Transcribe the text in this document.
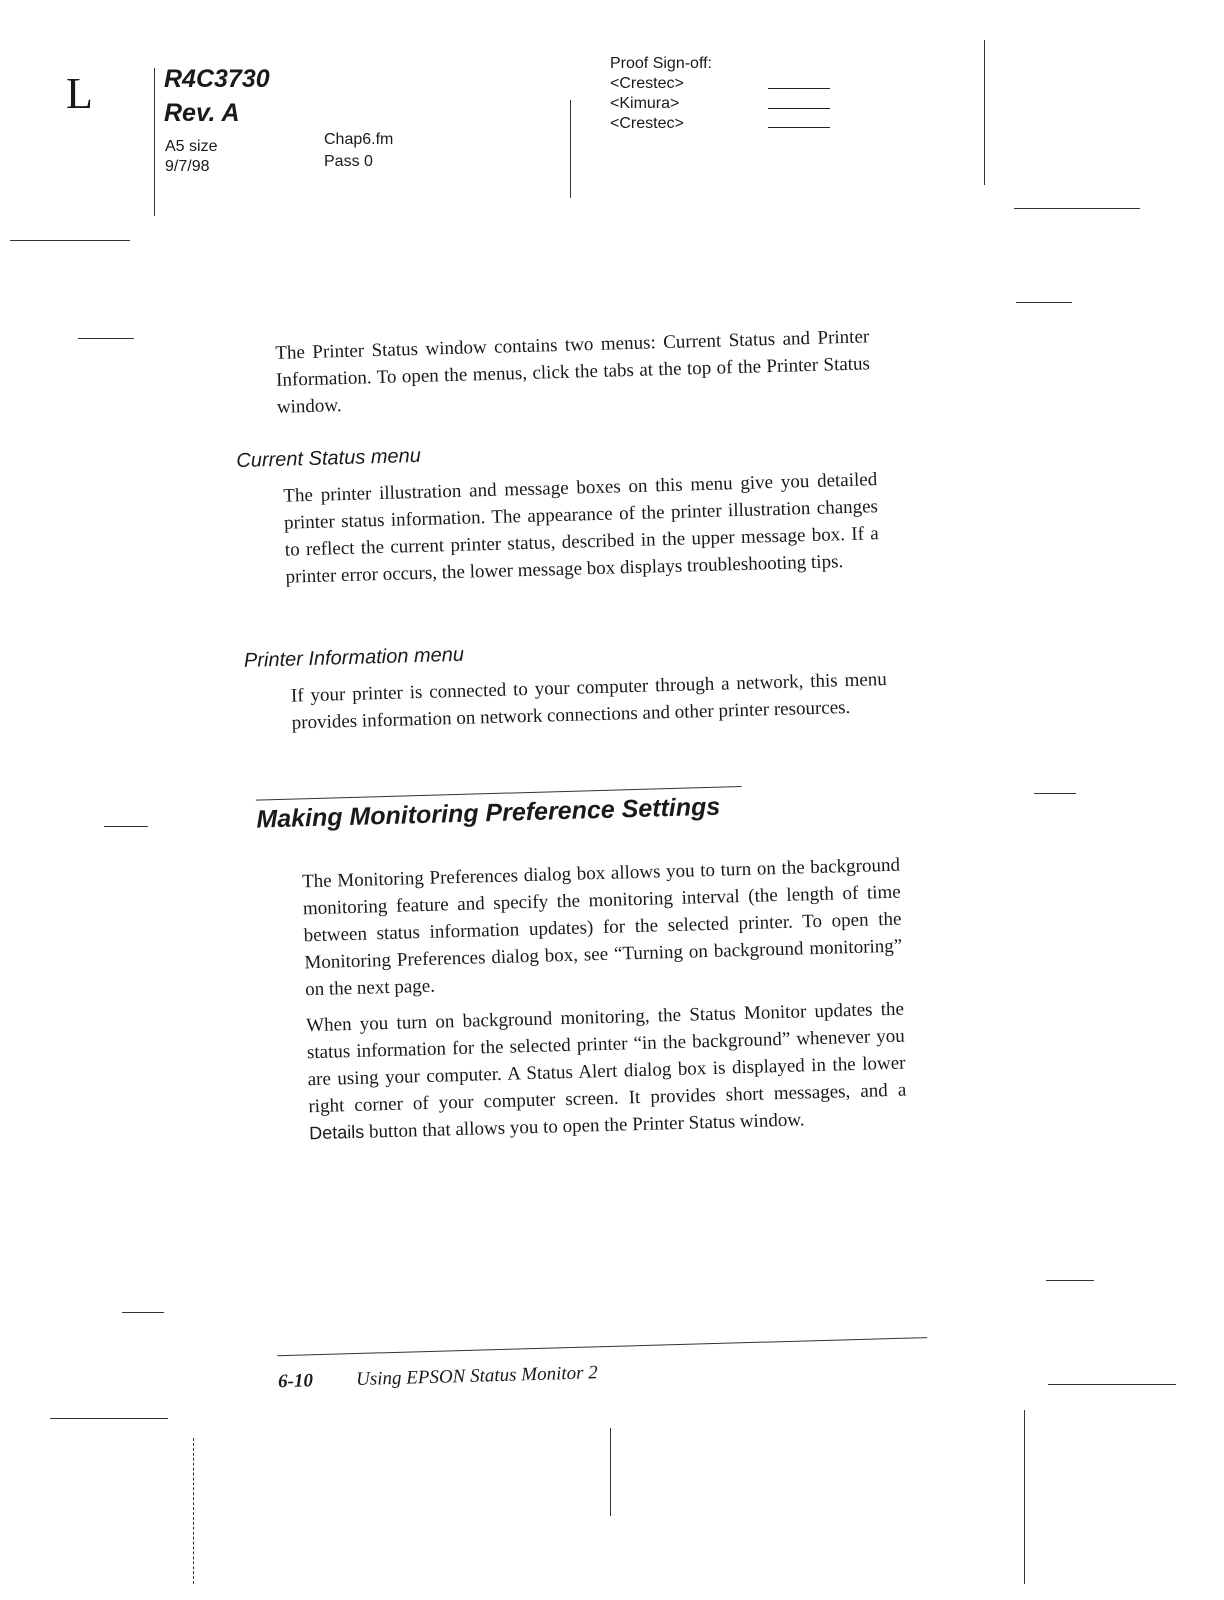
L	R4C3730
Rev. A
A5 size
9/7/98
Chap6.fm
Pass 0
Proof Sign-off:
<Crestec>
<Kimura>
<Crestec>
The Printer Status window contains two menus: Current Status and Printer Information. To open the menus, click the tabs at the top of the Printer Status window.
Current Status menu
The printer illustration and message boxes on this menu give you detailed printer status information. The appearance of the printer illustration changes to reflect the current printer status, described in the upper message box. If a printer error occurs, the lower message box displays troubleshooting tips.
Printer Information menu
If your printer is connected to your computer through a network, this menu provides information on network connections and other printer resources.
Making Monitoring Preference Settings
The Monitoring Preferences dialog box allows you to turn on the background monitoring feature and specify the monitoring interval (the length of time between status information updates) for the selected printer. To open the Monitoring Preferences dialog box, see “Turning on background monitoring” on the next page.
When you turn on background monitoring, the Status Monitor updates the status information for the selected printer “in the background” whenever you are using your computer. A Status Alert dialog box is displayed in the lower right corner of your computer screen. It provides short messages, and a Details button that allows you to open the Printer Status window.
6-10 Using EPSON Status Monitor 2
